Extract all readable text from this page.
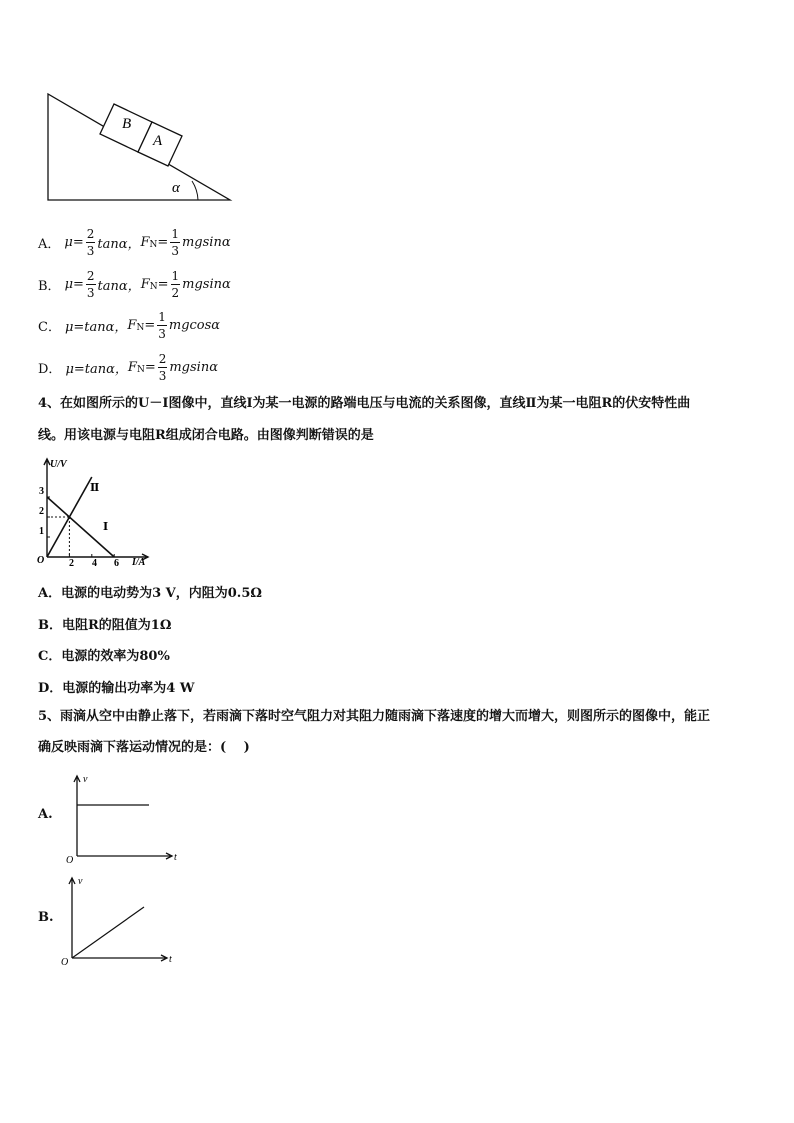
B
A
α
A． $\mu= \frac{2}{3}$ tanα， F $N = \frac{1}{3}$ mgsinα
B． $\mu= \frac{2}{3}$ tanα， F $N = \frac{1}{2}$ mgsinα
C． μ=tanα， F $N = \frac{1}{3}$ mgcosα
D． μ=tanα， F $N = \frac{2}{3}$ mgsinα
4、在如图所示的U－I图像中，直线Ⅰ为某一电源的路端电压与电流的关系图像，直线Ⅱ为某一电阻R的伏安特性曲
线。用该电源与电阻R组成闭合电路。由图像判断错误的是
U/V
I/A
O
1
2
3
2 4 6
Ⅰ
Ⅱ
A．电源的电动势为3 V，内阻为0.5Ω
B．电阻R的阻值为1Ω
C．电源的效率为80%
D．电源的输出功率为4 W
5、雨滴从空中由静止落下，若雨滴下落时空气阻力对其阻力随雨滴下落速度的增大而增大，则图所示的图像中，能正
确反映雨滴下落运动情况的是：(　 )
A.
v
t
O
B.
v
t
O
